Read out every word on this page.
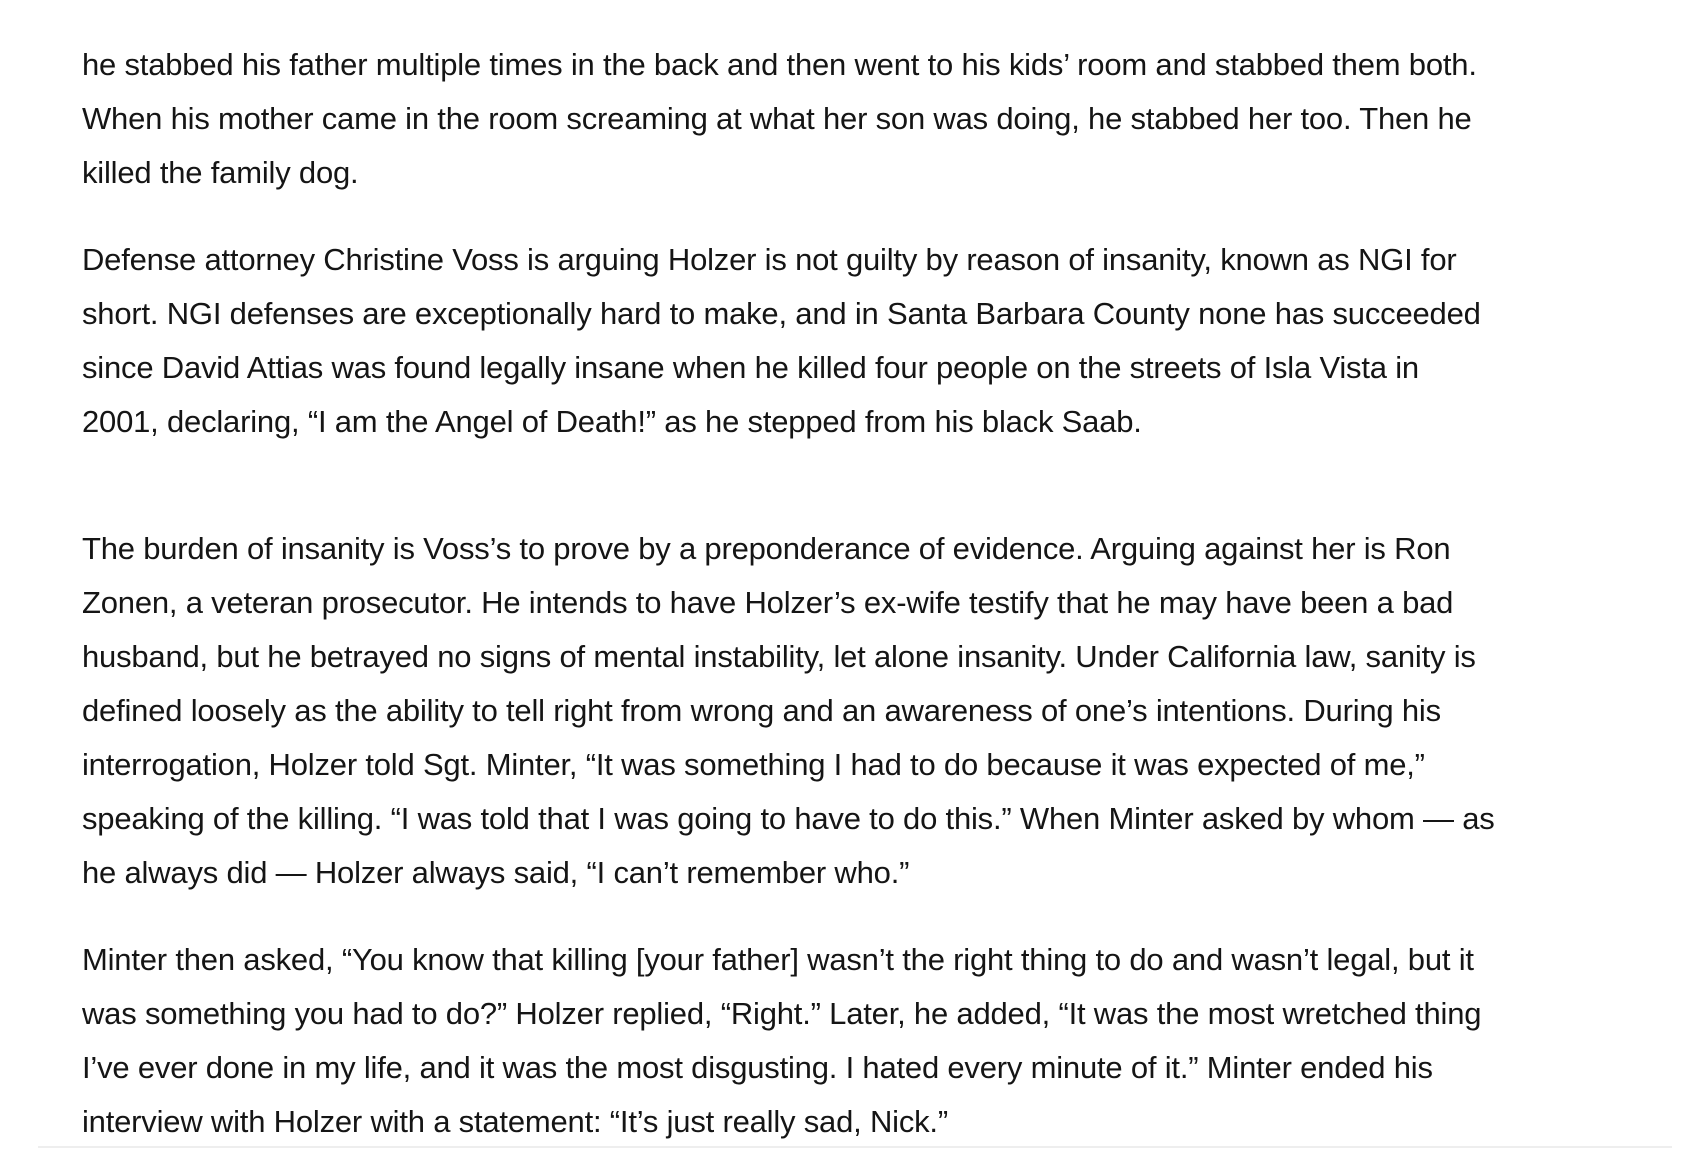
he stabbed his father multiple times in the back and then went to his kids’ room and stabbed them both.
When his mother came in the room screaming at what her son was doing, he stabbed her too. Then he
killed the family dog.

Defense attorney Christine Voss is arguing Holzer is not guilty by reason of insanity, known as NGI for
short. NGI defenses are exceptionally hard to make, and in Santa Barbara County none has succeeded
since David Attias was found legally insane when he killed four people on the streets of Isla Vista in
2001, declaring, “I am the Angel of Death!” as he stepped from his black Saab.

The burden of insanity is Voss’s to prove by a preponderance of evidence. Arguing against her is Ron
Zonen, a veteran prosecutor. He intends to have Holzer’s ex-wife testify that he may have been a bad
husband, but he betrayed no signs of mental instability, let alone insanity. Under California law, sanity is
defined loosely as the ability to tell right from wrong and an awareness of one’s intentions. During his
interrogation, Holzer told Sgt. Minter, “It was something I had to do because it was expected of me,”
speaking of the killing. “I was told that I was going to have to do this.” When Minter asked by whom — as
he always did — Holzer always said, “I can’t remember who.”

Minter then asked, “You know that killing [your father] wasn’t the right thing to do and wasn’t legal, but it
was something you had to do?” Holzer replied, “Right.” Later, he added, “It was the most wretched thing
I’ve ever done in my life, and it was the most disgusting. I hated every minute of it.” Minter ended his
interview with Holzer with a statement: “It’s just really sad, Nick.”
